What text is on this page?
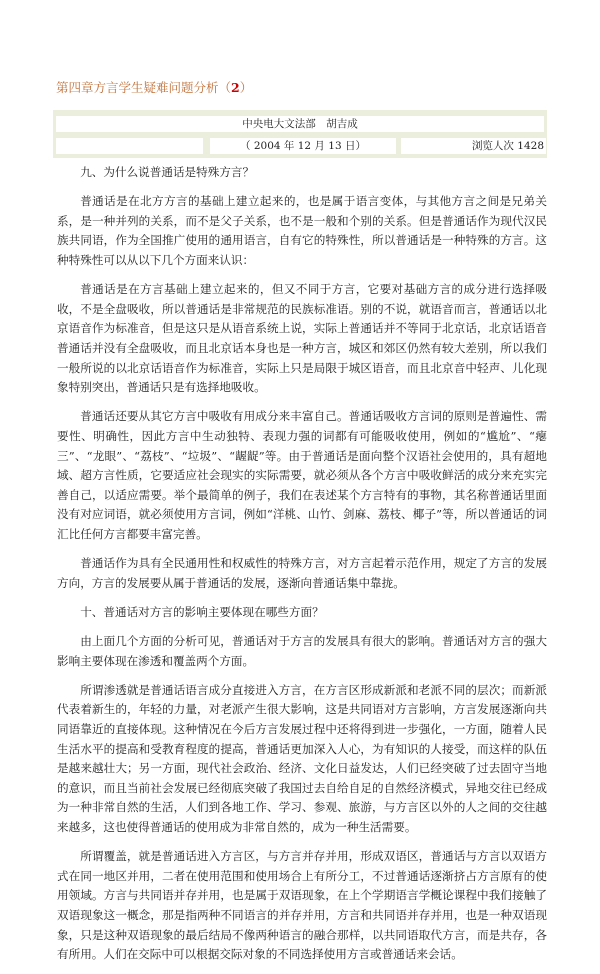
第四章方言学生疑难问题分析（2）
中央电大文法部　胡吉成
（ 2004 年 12 月 13 日）	浏览人次 1428
九、为什么说普通话是特殊方言？

普通话是在北方方言的基础上建立起来的，也是属于语言变体，与其他方言之间是兄弟关系，是一种并列的关系，而不是父子关系，也不是一般和个别的关系。但是普通话作为现代汉民族共同语，作为全国推广使用的通用语言，自有它的特殊性，所以普通话是一种特殊的方言。这种特殊性可以从以下几个方面来认识：

普通话是在方言基础上建立起来的，但又不同于方言，它要对基础方言的成分进行选择吸收，不是全盘吸收，所以普通话是非常规范的民族标准语。别的不说，就语音而言，普通话以北京语音作为标准音，但是这只是从语音系统上说，实际上普通话并不等同于北京话，北京话语音普通话并没有全盘吸收，而且北京话本身也是一种方言，城区和郊区仍然有较大差别，所以我们一般所说的以北京话语音作为标准音，实际上只是局限于城区语音，而且北京音中轻声、儿化现象特别突出，普通话只是有选择地吸收。

普通话还要从其它方言中吸收有用成分来丰富自己。普通话吸收方言词的原则是普遍性、需要性、明确性，因此方言中生动独特、表现力强的词都有可能吸收使用，例如的“尴尬”、“瘪三”、“龙眼”、“荔枝”、“垃圾”、“龌龊”等。由于普通话是面向整个汉语社会使用的，具有超地域、超方言性质，它要适应社会现实的实际需要，就必须从各个方言中吸收鲜活的成分来充实完善自己，以适应需要。举个最简单的例子，我们在表述某个方言特有的事物，其名称普通话里面没有对应词语，就必须使用方言词，例如“洋桃、山竹、剑麻、荔枝、椰子”等，所以普通话的词汇比任何方言都要丰富完善。

普通话作为具有全民通用性和权威性的特殊方言，对方言起着示范作用，规定了方言的发展方向，方言的发展要从属于普通话的发展，逐渐向普通话集中靠拢。

十、普通话对方言的影响主要体现在哪些方面？

由上面几个方面的分析可见，普通话对于方言的发展具有很大的影响。普通话对方言的强大影响主要体现在渗透和覆盖两个方面。

所谓渗透就是普通话语言成分直接进入方言，在方言区形成新派和老派不同的层次；而新派代表着新生的，年轻的力量，对老派产生很大影响，这是共同语对方言影响，方言发展逐渐向共同语靠近的直接体现。这种情况在今后方言发展过程中还将得到进一步强化，一方面，随着人民生活水平的提高和受教育程度的提高，普通话更加深入人心，为有知识的人接受，而这样的队伍是越来越壮大；另一方面，现代社会政治、经济、文化日益发达，人们已经突破了过去固守当地的意识，而且当前社会发展已经彻底突破了我国过去自给自足的自然经济模式，异地交往已经成为一种非常自然的生活，人们到各地工作、学习、参观、旅游，与方言区以外的人之间的交往越来越多，这也使得普通话的使用成为非常自然的，成为一种生活需要。

所谓覆盖，就是普通话进入方言区，与方言并存并用，形成双语区，普通话与方言以双语方式在同一地区并用，二者在使用范围和使用场合上有所分工，不过普通话逐渐挤占方言原有的使用领域。方言与共同语并存并用，也是属于双语现象，在上个学期语言学概论课程中我们接触了双语现象这一概念，那是指两种不同语言的并存并用，方言和共同语并存并用，也是一种双语现象，只是这种双语现象的最后结局不像两种语言的融合那样，以共同语取代方言，而是共存，各有所用。人们在交际中可以根据交际对象的不同选择使用方言或普通话来会话。
